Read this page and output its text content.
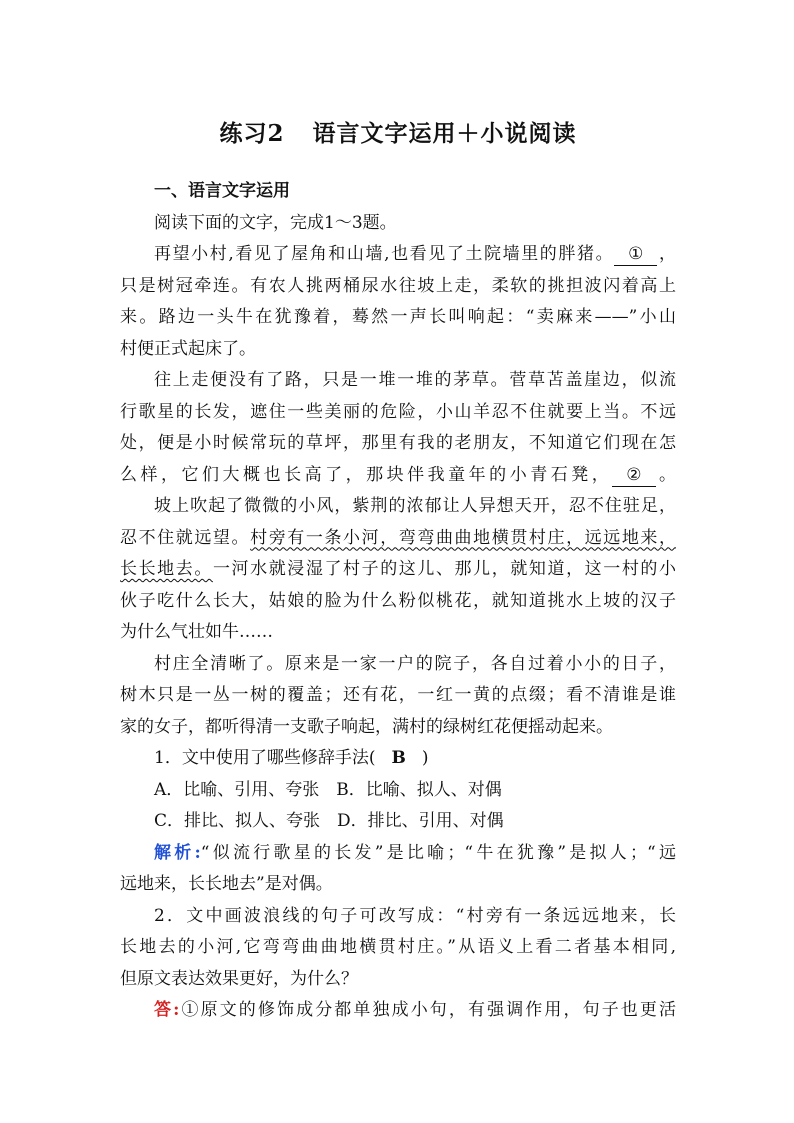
练习2 语言文字运用＋小说阅读
一、语言文字运用
阅读下面的文字，完成1～3题。
再望小村,看见了屋角和山墙,也看见了土院墙里的胖猪。 ① ，
只是树冠牵连。有农人挑两桶尿水往坡上走，柔软的挑担波闪着高上
来。路边一头牛在犹豫着，蓦然一声长叫响起：“卖麻来——”小山
村便正式起床了。
往上走便没有了路，只是一堆一堆的茅草。菅草苫盖崖边，似流
行歌星的长发，遮住一些美丽的危险，小山羊忍不住就要上当。不远
处，便是小时候常玩的草坪，那里有我的老朋友，不知道它们现在怎
么样，它们大概也长高了，那块伴我童年的小青石凳， ② 。
坡上吹起了微微的小风，紫荆的浓郁让人异想天开，忍不住驻足，
忍不住就远望。村旁有一条小河，弯弯曲曲地横贯村庄，远远地来，
长长地去。一河水就浸湿了村子的这儿、那儿，就知道，这一村的小
伙子吃什么长大，姑娘的脸为什么粉似桃花，就知道挑水上坡的汉子
为什么气壮如牛……
村庄全清晰了。原来是一家一户的院子，各自过着小小的日子，
树木只是一丛一树的覆盖；还有花，一红一黄的点缀；看不清谁是谁
家的女子，都听得清一支歌子响起，满村的绿树红花便摇动起来。
1．文中使用了哪些修辞手法( B )
A．比喻、引用、夸张　B．比喻、拟人、对偶
C．排比、拟人、夸张　D．排比、引用、对偶
解析:“似流行歌星的长发”是比喻；“牛在犹豫”是拟人；“远
远地来，长长地去”是对偶。
2．文中画波浪线的句子可改写成：“村旁有一条远远地来，长
长地去的小河,它弯弯曲曲地横贯村庄。”从语义上看二者基本相同,
但原文表达效果更好，为什么？
答:①原文的修饰成分都单独成小句，有强调作用，句子也更活
